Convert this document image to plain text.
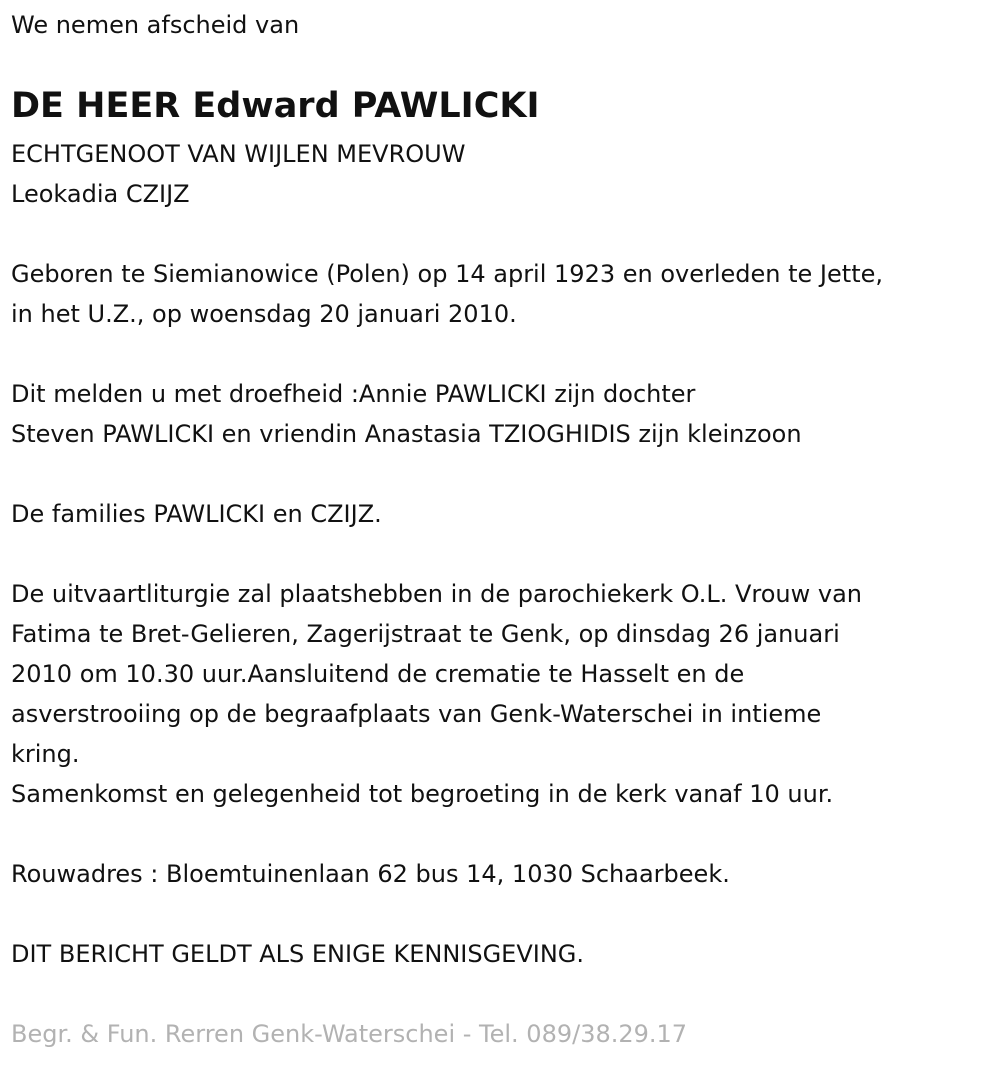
We nemen afscheid van

DE HEER Edward PAWLICKI

ECHTGENOOT VAN WIJLEN MEVROUW

Leokadia CZIJZ

Geboren te Siemianowice (Polen) op 14 april 1923 en overleden te Jette,

in het U.Z., op woensdag 20 januari 2010.

Dit melden u met droefheid :Annie PAWLICKI zijn dochter

Steven PAWLICKI en vriendin Anastasia TZIOGHIDIS zijn kleinzoon

De families PAWLICKI en CZIJZ.

De uitvaartliturgie zal plaatshebben in de parochiekerk O.L. Vrouw van

Fatima te Bret-Gelieren, Zagerijstraat te Genk, op dinsdag 26 januari

2010 om 10.30 uur.Aansluitend de crematie te Hasselt en de

asverstrooiing op de begraafplaats van Genk-Waterschei in intieme

kring.

Samenkomst en gelegenheid tot begroeting in de kerk vanaf 10 uur.

Rouwadres : Bloemtuinenlaan 62 bus 14, 1030 Schaarbeek.

DIT BERICHT GELDT ALS ENIGE KENNISGEVING.

Begr. & Fun. Rerren Genk-Waterschei - Tel. 089/38.29.17
